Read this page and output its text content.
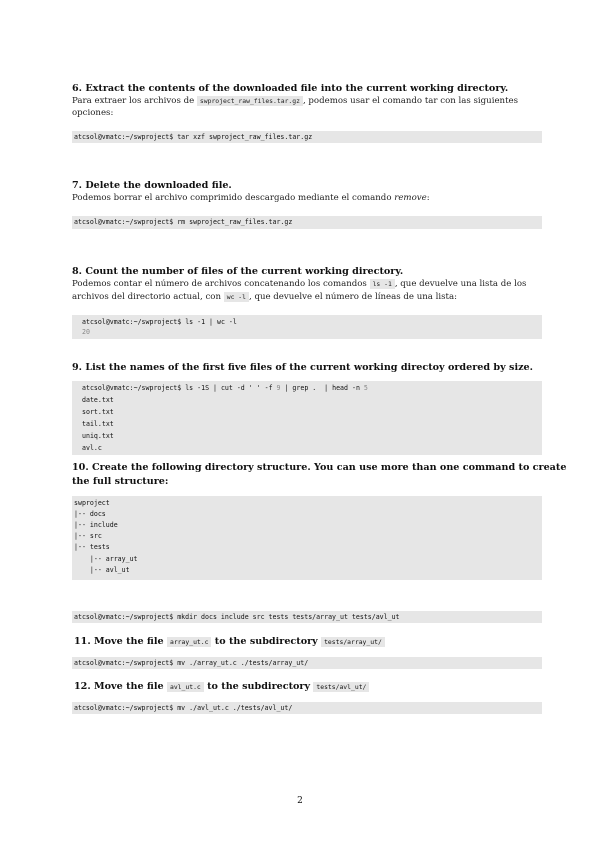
6. Extract the contents of the downloaded file into the current working directory.
Para extraer los archivos de swproject_raw_files.tar.gz , podemos usar el comando tar con las siguientes
opciones:
atcsol@vmatc:~/swproject$ tar xzf swproject_raw_files.tar.gz
7. Delete the downloaded file.
Podemos borrar el archivo comprimido descargado mediante el comando remove:
atcsol@vmatc:~/swproject$ rm swproject_raw_files.tar.gz
8. Count the number of files of the current working directory.
Podemos contar el número de archivos concatenando los comandos ls -1 , que devuelve una lista de los
archivos del directorio actual, con wc -l , que devuelve el número de líneas de una lista:
atcsol@vmatc:~/swproject$ ls -1 | wc -l
20
9. List the names of the first five files of the current working directoy ordered by size.
atcsol@vmatc:~/swproject$ ls -1S | cut -d ' ' -f 9 | grep .  | head -n 5
date.txt
sort.txt
tail.txt
uniq.txt
avl.c
10. Create the following directory structure. You can use more than one command to create
the full structure:
swproject
|-- docs
|-- include
|-- src
|-- tests
|-- array_ut
|-- avl_ut
atcsol@vmatc:~/swproject$ mkdir docs include src tests tests/array_ut tests/avl_ut
11. Move the file array_ut.c to the subdirectory tests/array_ut/
atcsol@vmatc:~/swproject$ mv ./array_ut.c ./tests/array_ut/
12. Move the file avl_ut.c to the subdirectory tests/avl_ut/
atcsol@vmatc:~/swproject$ mv ./avl_ut.c ./tests/avl_ut/
2
